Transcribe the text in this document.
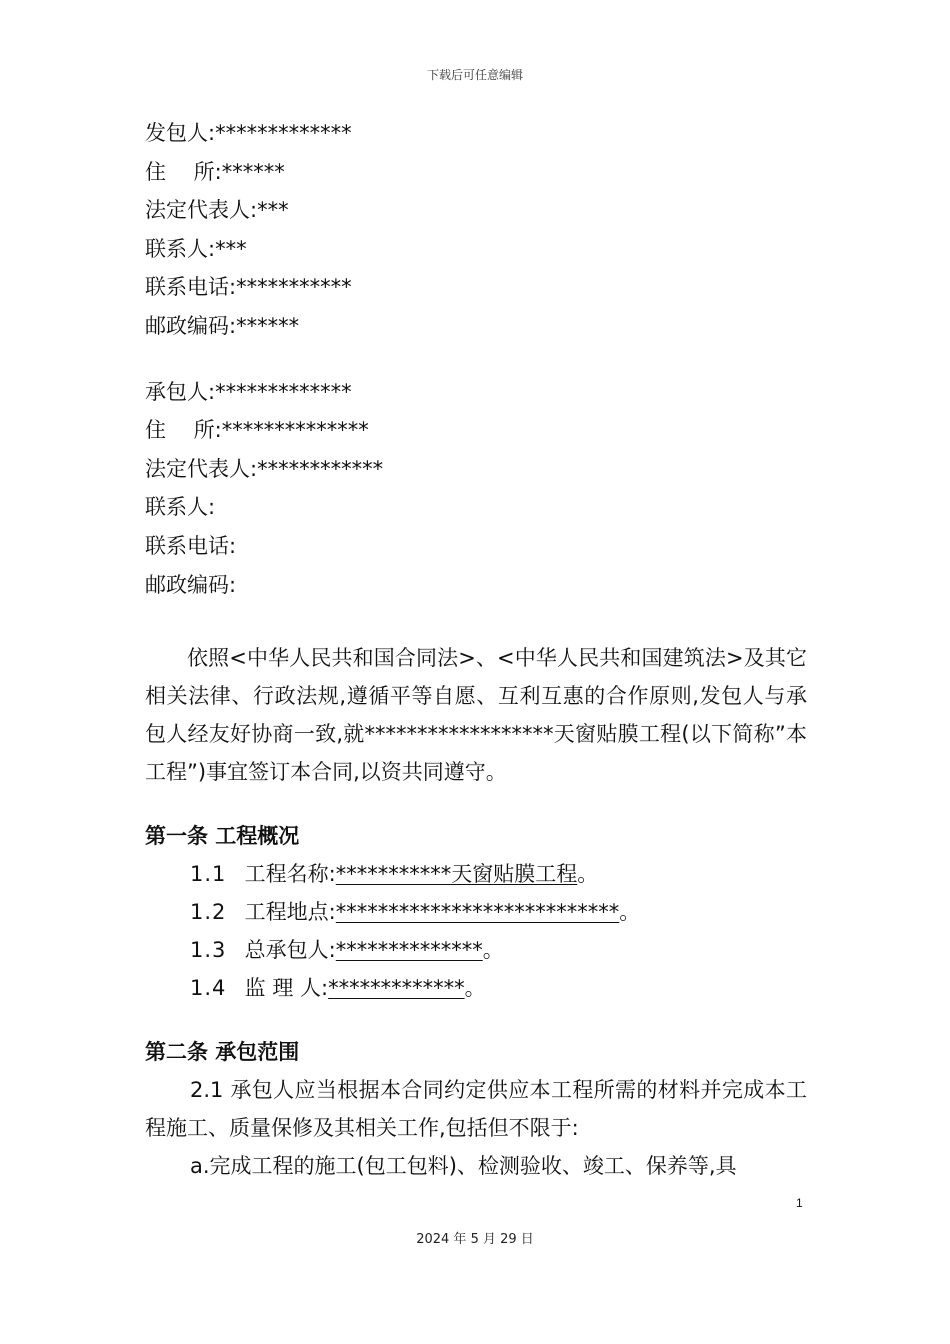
下载后可任意编辑
发包人:*************
住　 所:******
法定代表人:***
联系人:***
联系电话:***********
邮政编码:******
承包人:*************
住　 所:**************
法定代表人:************
联系人:
联系电话:
邮政编码:

依照<中华人民共和国合同法>、<中华人民共和国建筑法>及其它相关法律、行政法规,遵循平等自愿、互利互惠的合作原则,发包人与承包人经友好协商一致,就******************天窗贴膜工程(以下简称”本工程”)事宜签订本合同,以资共同遵守。

第一条 工程概况
1.1 工程名称:***********天窗贴膜工程。
1.2 工程地点:***************************。
1.3 总承包人:**************。
1.4 监 理 人:*************。
第二条 承包范围

2.1 承包人应当根据本合同约定供应本工程所需的材料并完成本工程施工、质量保修及其相关工作,包括但不限于:

a.完成工程的施工(包工包料)、检测验收、竣工、保养等,具

1
2024 年 5 月 29 日
